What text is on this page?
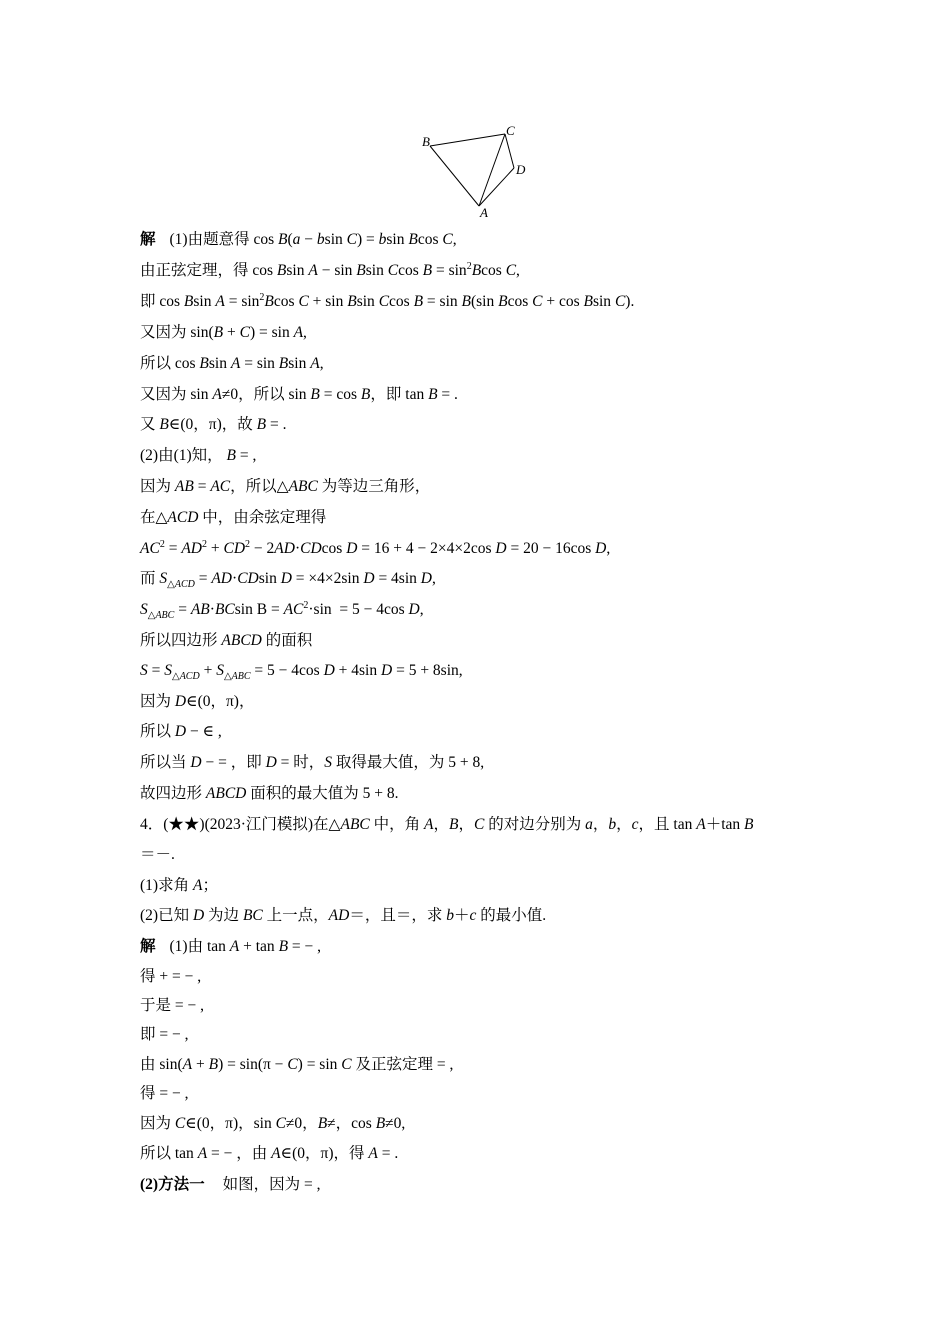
B
C
D
A
解 (1)由题意得 cos B(a − bsin C) = bsin Bcos C,
由正弦定理，得 cos Bsin A − sin Bsin Ccos $B = \sin^2Bcos$ C,
即 cos Bsin $A = \sin^2Bcos$ C + sin Bsin Ccos B = sin B(sin Bcos C + cos Bsin C).
又因为 sin(B + C) = sin A,
所以 cos Bsin A = sin Bsin A,
又因为 sin A≠0，所以 sin B = cos B，即 tan B = .
又 B∈(0，π)，故 B = .
(2)由(1)知， B = ,
因为 AB = AC，所以△ABC 为等边三角形，
在△ACD 中，由余弦定理得
$AC^2 = AD^2 + CD^2 - 2AD\cdot CDcos$ D = 16 + 4 − 2×4×2cos D = 20 − 16cos D,
而 $S_{\triangle ACD} = AD\cdot CDsin$ D = ×4×2sin D = 4sin D,
$S_{\triangle ABC} = AB\cdot BCsin$ $B = AC^2\cdot\sin = 5 - 4\cos$ D,
所以四边形 ABCD 的面积
$S = S_{\triangle ACD} + S_{\triangle ABC} = 5 - 4\cos$ D + 4sin D = 5 + 8sin,
因为 D∈(0，π)，
所以 D − ∈ ,
所以当 D − = ，即 D = 时，S 取得最大值，为 5 + 8,
故四边形 ABCD 面积的最大值为 5 + 8.
4．(★★)(2023·江门模拟)在△ABC 中，角 A，B，C 的对边分别为 a，b，c，且 tan A＋tan B
＝－.
(1)求角 A；
(2)已知 D 为边 BC 上一点，AD＝，且＝，求 b＋c 的最小值.
解 (1)由 tan A + tan B = − ,
得 + = − ,
于是 = − ,
即 = − ,
由 sin(A + B) = sin(π − C) = sin C 及正弦定理 = ,
得 = − ,
因为 C∈(0，π)，sin C≠0，B≠，cos B≠0,
所以 tan A = − ，由 A∈(0，π)，得 A = .
(2)方法一 如图，因为 = ,
